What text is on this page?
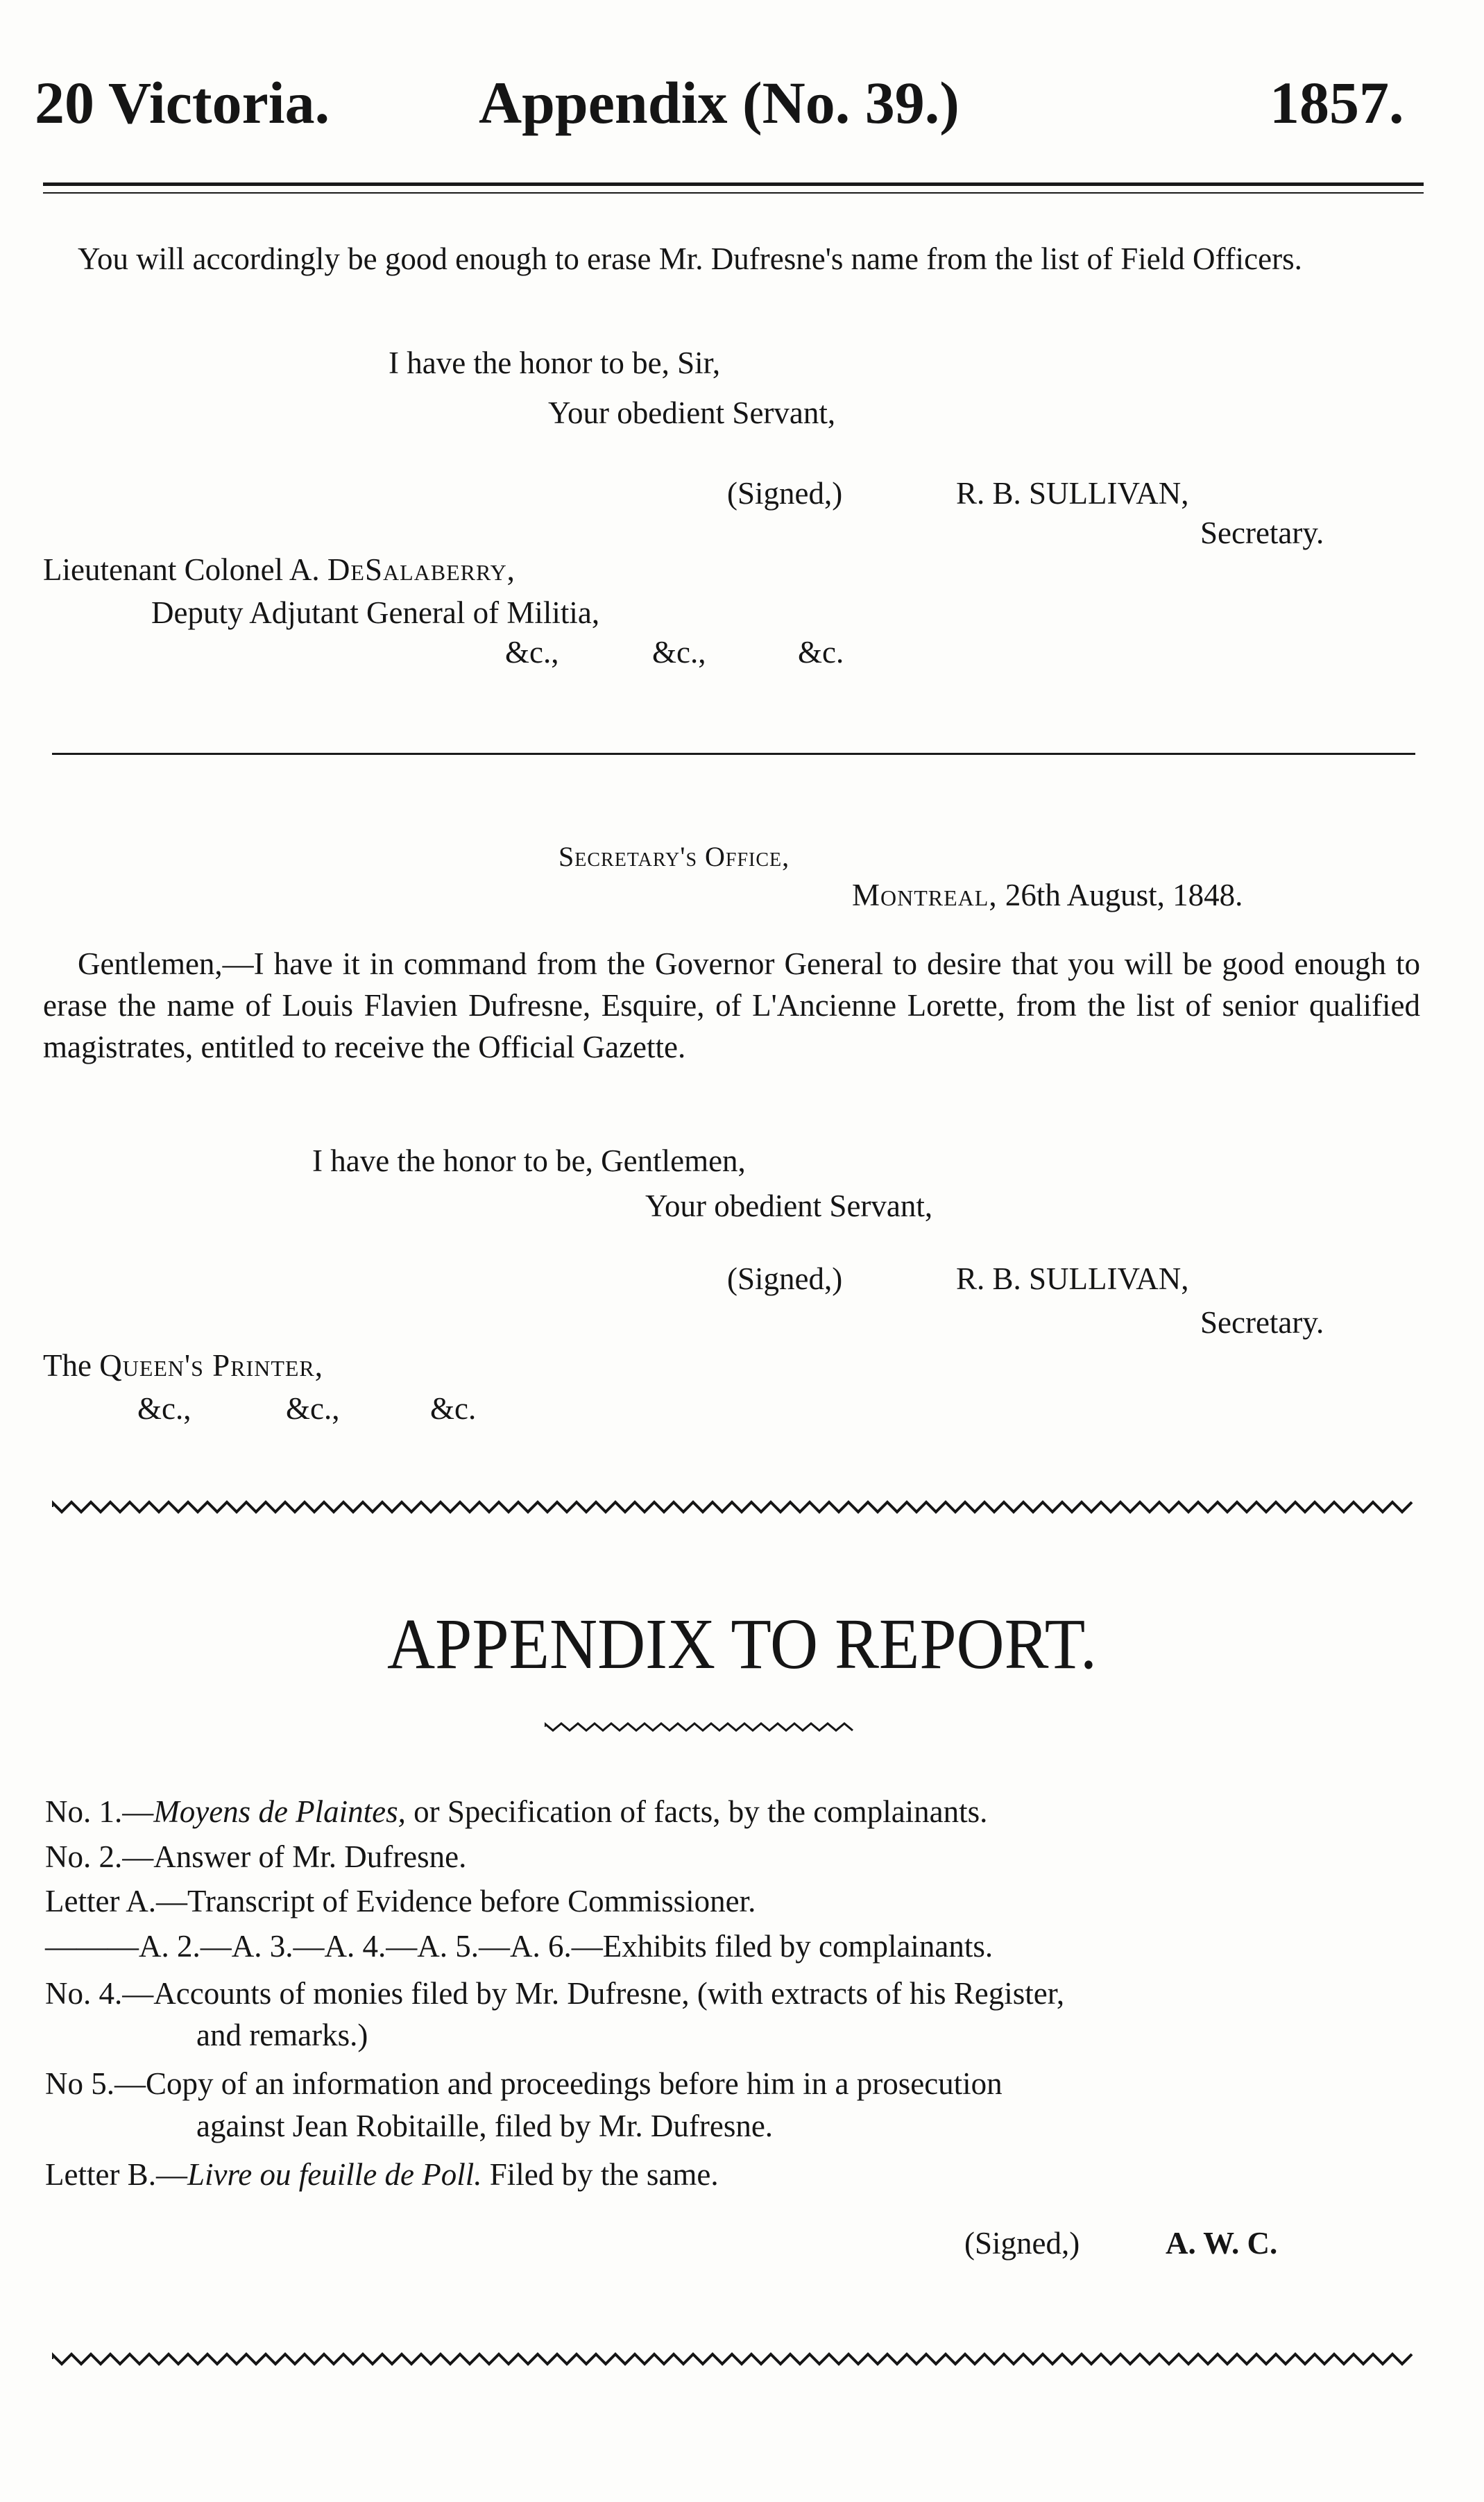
20 Victoria. Appendix (No. 39.)	1857.
You will accordingly be good enough to erase Mr. Dufresne's name from the list of Field Officers.
I have the honor to be, Sir,
Your obedient Servant,
(Signed,)	R. B. SULLIVAN,
Secretary.
Lieutenant Colonel A. DeSalaberry,
Deputy Adjutant General of Militia,
&c.,	&c.,	&c.
Secretary's Office,
Montreal, 26th August, 1848.
Gentlemen,—I have it in command from the Governor General to desire that you will be good enough to erase the name of Louis Flavien Dufresne, Esquire, of L'Ancienne Lorette, from the list of senior qualified magistrates, entitled to receive the Official Gazette.
I have the honor to be, Gentlemen,
Your obedient Servant,
(Signed,)	R. B. SULLIVAN,
Secretary.
The Queen's Printer,
&c.,	&c.,	&c.
APPENDIX TO REPORT.
No. 1.—Moyens de Plaintes, or Specification of facts, by the complainants.
No. 2.—Answer of Mr. Dufresne.
Letter A.—Transcript of Evidence before Commissioner.
———A. 2.—A. 3.—A. 4.—A. 5.—A. 6.—Exhibits filed by complainants.
No. 4.—Accounts of monies filed by Mr. Dufresne, (with extracts of his Register,
and remarks.)
No 5.—Copy of an information and proceedings before him in a prosecution
against Jean Robitaille, filed by Mr. Dufresne.
Letter B.—Livre ou feuille de Poll. Filed by the same.
(Signed,)	A. W. C.
